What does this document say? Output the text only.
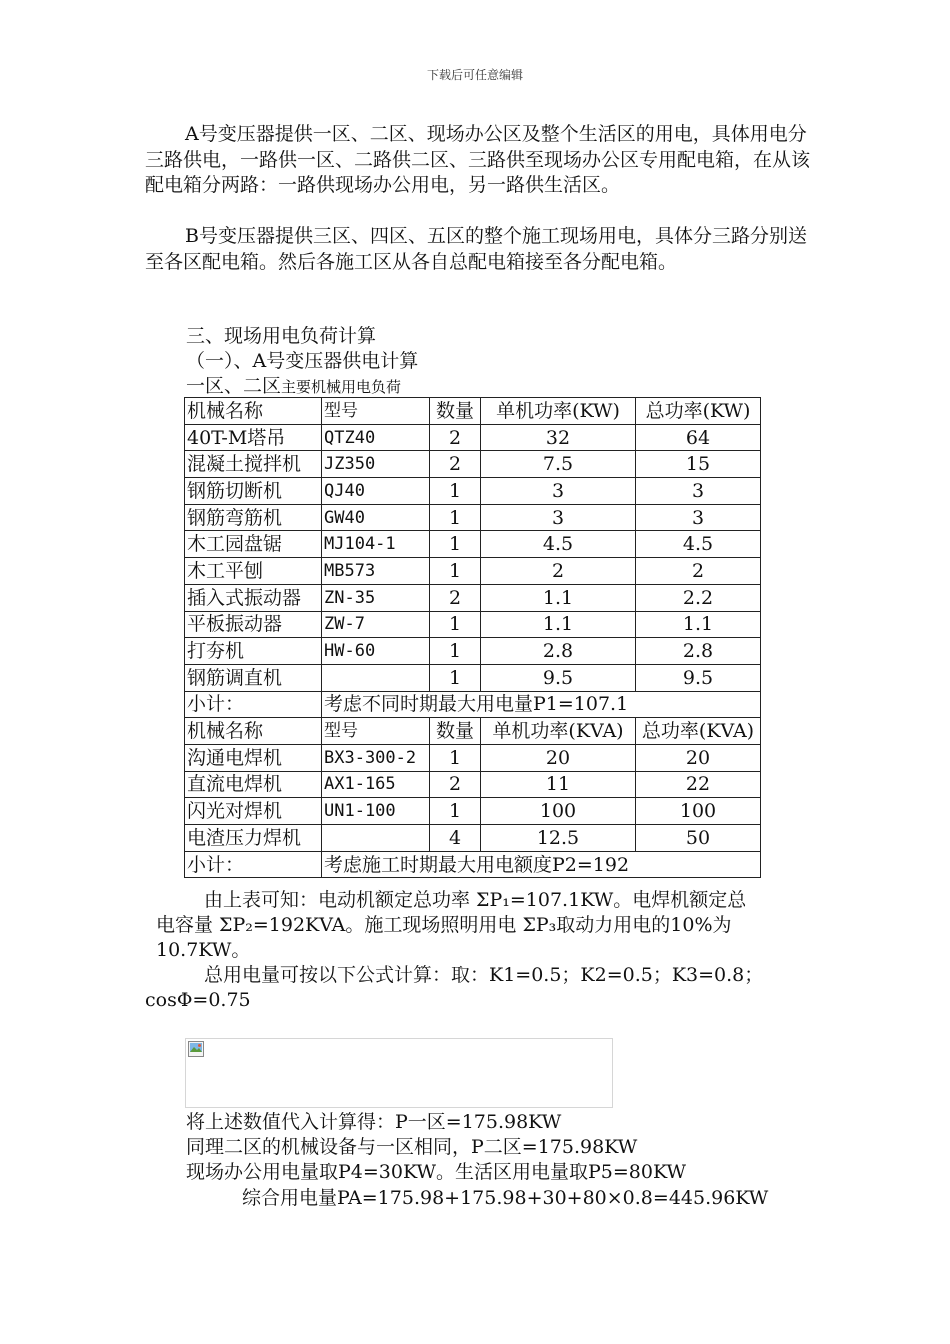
下载后可任意编辑

A号变压器提供一区、二区、现场办公区及整个生活区的用电，具体用电分三路供电，一路供一区、二路供二区、三路供至现场办公区专用配电箱，在从该配电箱分两路：一路供现场办公用电，另一路供生活区。

B号变压器提供三区、四区、五区的整个施工现场用电，具体分三路分别送至各区配电箱。然后各施工区从各自总配电箱接至各分配电箱。

三、现场用电负荷计算
（一）、A号变压器供电计算
一区、二区主要机械用电负荷
机械名称	型号	数量	单机功率(KW)	总功率(KW)
40T-M塔吊	QTZ40	2	32	64
混凝土搅拌机	JZ350	2	7.5	15
钢筋切断机	QJ40	1	3	3
钢筋弯筋机	GW40	1	3	3
木工园盘锯	MJ104-1	1	4.5	4.5
木工平刨	MB573	1	2	2
插入式振动器	ZN-35	2	1.1	2.2
平板振动器	ZW-7	1	1.1	1.1
打夯机	HW-60	1	2.8	2.8
钢筋调直机		1	9.5	9.5
小计：	考虑不同时期最大用电量P1=107.1			
机械名称	型号	数量	单机功率(KVA)	总功率(KVA)
沟通电焊机	BX3-300-2	1	20	20
直流电焊机	AX1-165	2	11	22
闪光对焊机	UN1-100	1	100	100
电渣压力焊机		4	12.5	50
小计：	考虑施工时期最大用电额度P2=192			
由上表可知：电动机额定总功率 ΣP₁=107.1KW。电焊机额定总
电容量 ΣP₂=192KVA。施工现场照明用电 ΣP₃取动力用电的10%为
10.7KW。
总用电量可按以下公式计算：取：K1=0.5；K2=0.5；K3=0.8；
cosΦ=0.75
将上述数值代入计算得：P一区=175.98KW
同理二区的机械设备与一区相同，P二区=175.98KW
现场办公用电量取P4=30KW。生活区用电量取P5=80KW
综合用电量PA=175.98+175.98+30+80×0.8=445.96KW
